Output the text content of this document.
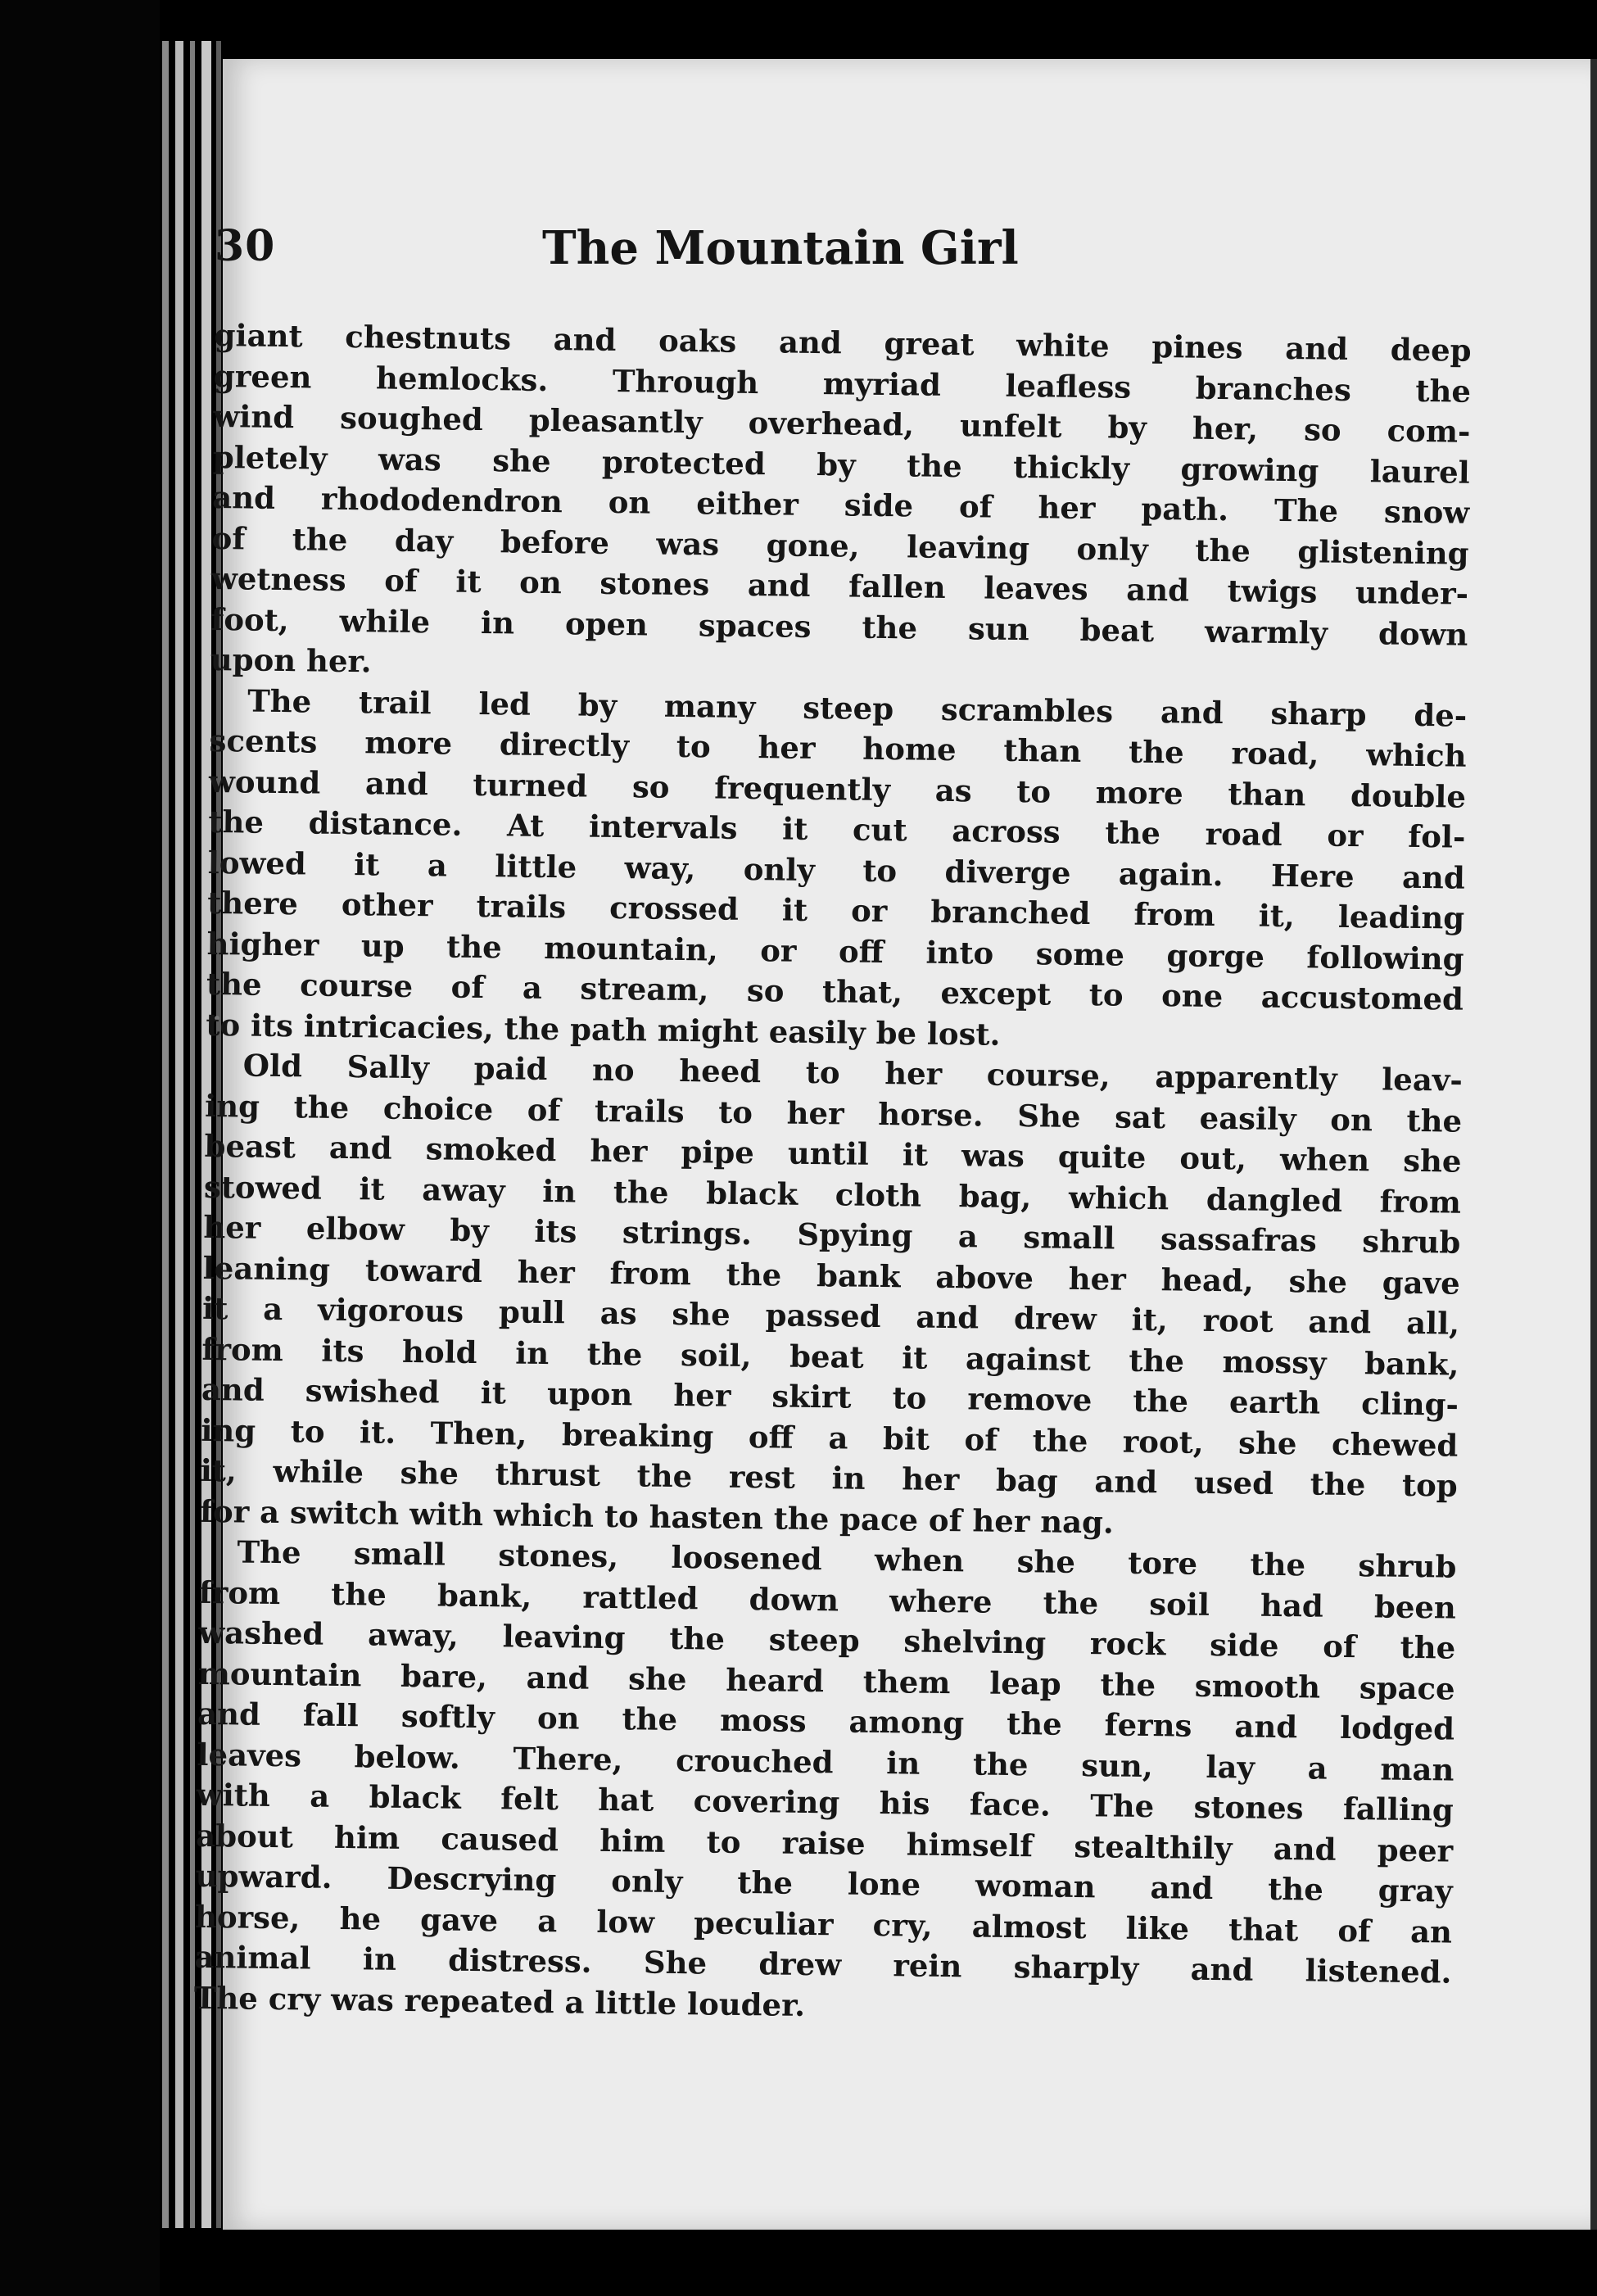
30	The Mountain Girl
giant chestnuts and oaks and great white pines and deep
green hemlocks. Through myriad leafless branches the
wind soughed pleasantly overhead, unfelt by her, so com-
pletely was she protected by the thickly growing laurel
and rhododendron on either side of her path. The snow
of the day before was gone, leaving only the glistening
wetness of it on stones and fallen leaves and twigs under-
foot, while in open spaces the sun beat warmly down
upon her.
The trail led by many steep scrambles and sharp de-
scents more directly to her home than the road, which
wound and turned so frequently as to more than double
the distance. At intervals it cut across the road or fol-
lowed it a little way, only to diverge again. Here and
there other trails crossed it or branched from it, leading
higher up the mountain, or off into some gorge following
the course of a stream, so that, except to one accustomed
to its intricacies, the path might easily be lost.
Old Sally paid no heed to her course, apparently leav-
ing the choice of trails to her horse. She sat easily on the
beast and smoked her pipe until it was quite out, when she
stowed it away in the black cloth bag, which dangled from
her elbow by its strings. Spying a small sassafras shrub
leaning toward her from the bank above her head, she gave
it a vigorous pull as she passed and drew it, root and all,
from its hold in the soil, beat it against the mossy bank,
and swished it upon her skirt to remove the earth cling-
ing to it. Then, breaking off a bit of the root, she chewed
it, while she thrust the rest in her bag and used the top
for a switch with which to hasten the pace of her nag.
The small stones, loosened when she tore the shrub
from the bank, rattled down where the soil had been
washed away, leaving the steep shelving rock side of the
mountain bare, and she heard them leap the smooth space
and fall softly on the moss among the ferns and lodged
leaves below. There, crouched in the sun, lay a man
with a black felt hat covering his face. The stones falling
about him caused him to raise himself stealthily and peer
upward. Descrying only the lone woman and the gray
horse, he gave a low peculiar cry, almost like that of an
animal in distress. She drew rein sharply and listened.
The cry was repeated a little louder.
